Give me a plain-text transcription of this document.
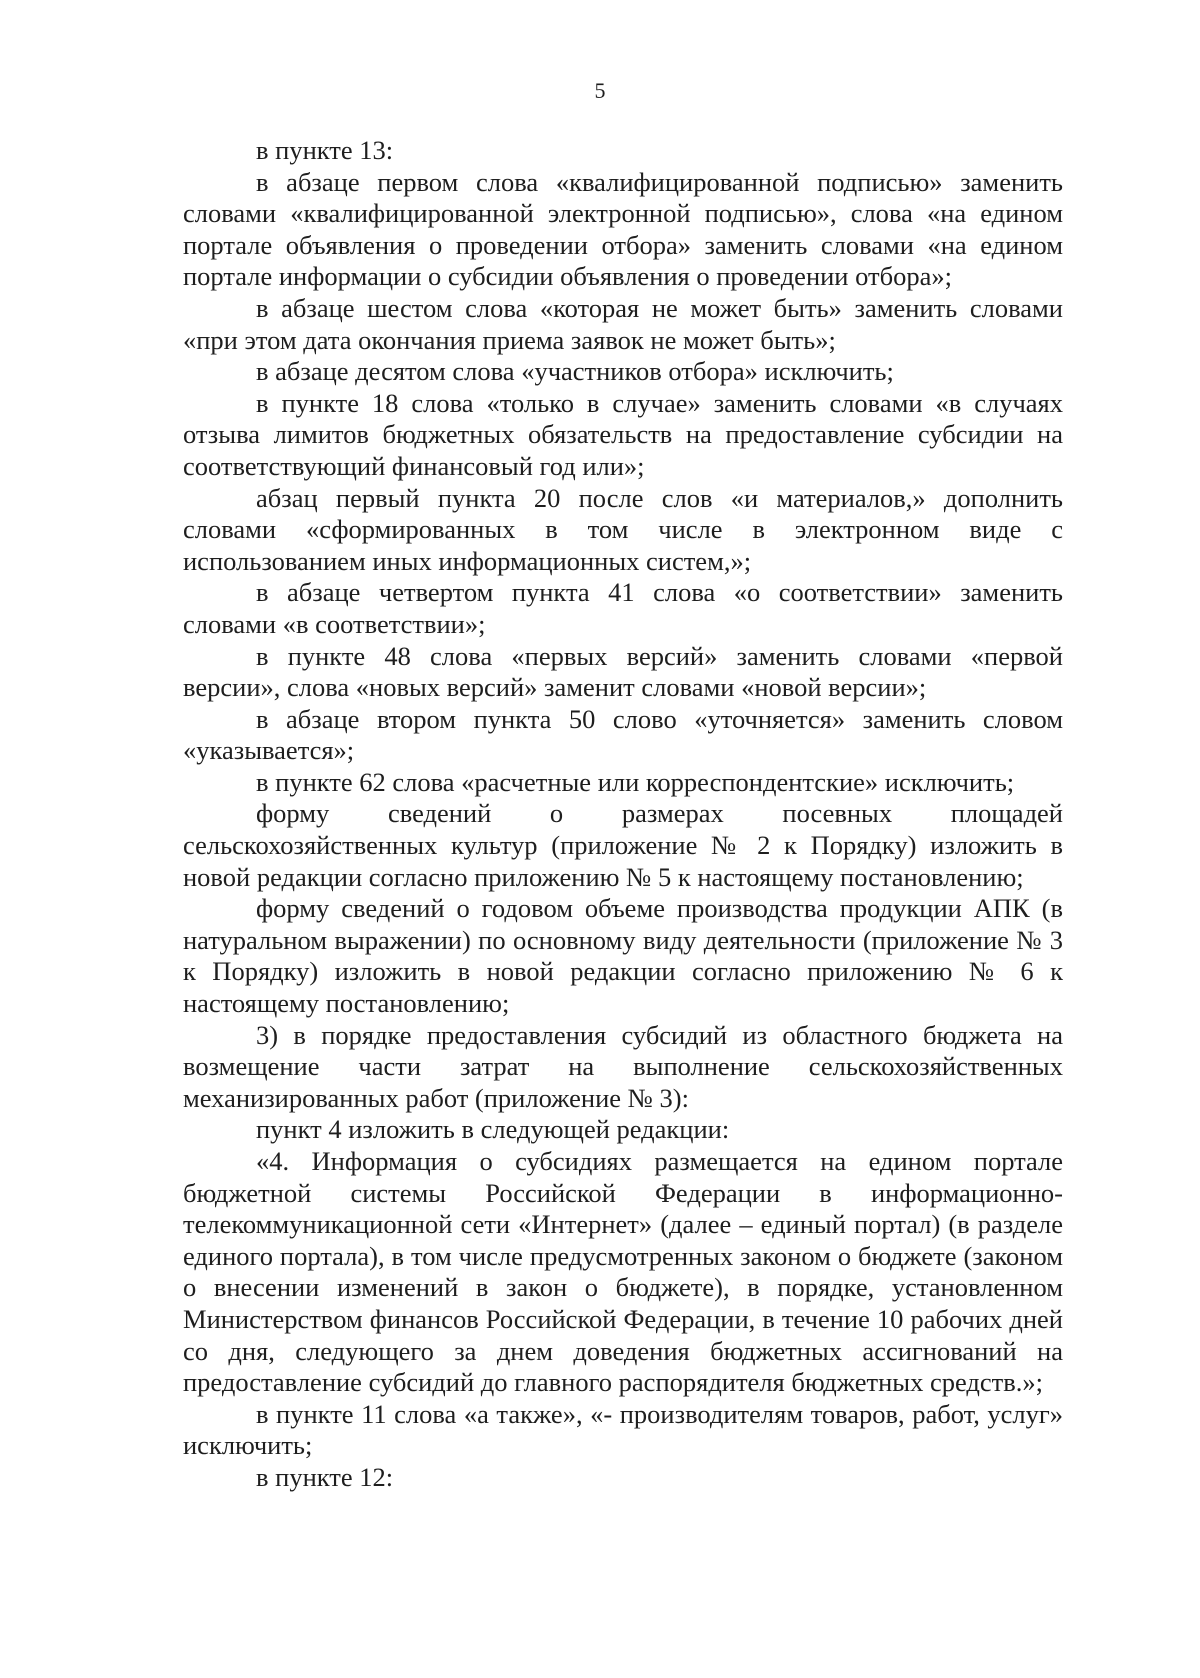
5

в пункте 13:

в абзаце первом слова «квалифицированной подписью» заменить словами «квалифицированной электронной подписью», слова «на едином портале объявления о проведении отбора» заменить словами «на едином портале информации о субсидии объявления о проведении отбора»;

в абзаце шестом слова «которая не может быть» заменить словами «при этом дата окончания приема заявок не может быть»;

в абзаце десятом слова «участников отбора» исключить;

в пункте 18 слова «только в случае» заменить словами «в случаях отзыва лимитов бюджетных обязательств на предоставление субсидии на соответствующий финансовый год или»;

абзац первый пункта 20 после слов «и материалов,» дополнить словами «сформированных в том числе в электронном виде с использованием иных информационных систем,»;

в абзаце четвертом пункта 41 слова «о соответствии» заменить словами «в соответствии»;

в пункте 48 слова «первых версий» заменить словами «первой версии», слова «новых версий» заменит словами «новой версии»;

в абзаце втором пункта 50 слово «уточняется» заменить словом «указывается»;

в пункте 62 слова «расчетные или корреспондентские» исключить;

форму сведений о размерах посевных площадей сельскохозяйственных культур (приложение № 2 к Порядку) изложить в новой редакции согласно приложению № 5 к настоящему постановлению;

форму сведений о годовом объеме производства продукции АПК (в натуральном выражении) по основному виду деятельности (приложение № 3 к Порядку) изложить в новой редакции согласно приложению № 6 к настоящему постановлению;

3) в порядке предоставления субсидий из областного бюджета на возмещение части затрат на выполнение сельскохозяйственных механизированных работ (приложение № 3):

пункт 4 изложить в следующей редакции:

«4. Информация о субсидиях размещается на едином портале бюджетной системы Российской Федерации в информационно-телекоммуникационной сети «Интернет» (далее – единый портал) (в разделе единого портала), в том числе предусмотренных законом о бюджете (законом о внесении изменений в закон о бюджете), в порядке, установленном Министерством финансов Российской Федерации, в течение 10 рабочих дней со дня, следующего за днем доведения бюджетных ассигнований на предоставление субсидий до главного распорядителя бюджетных средств.»;

в пункте 11 слова «а также», «- производителям товаров, работ, услуг» исключить;

в пункте 12:
